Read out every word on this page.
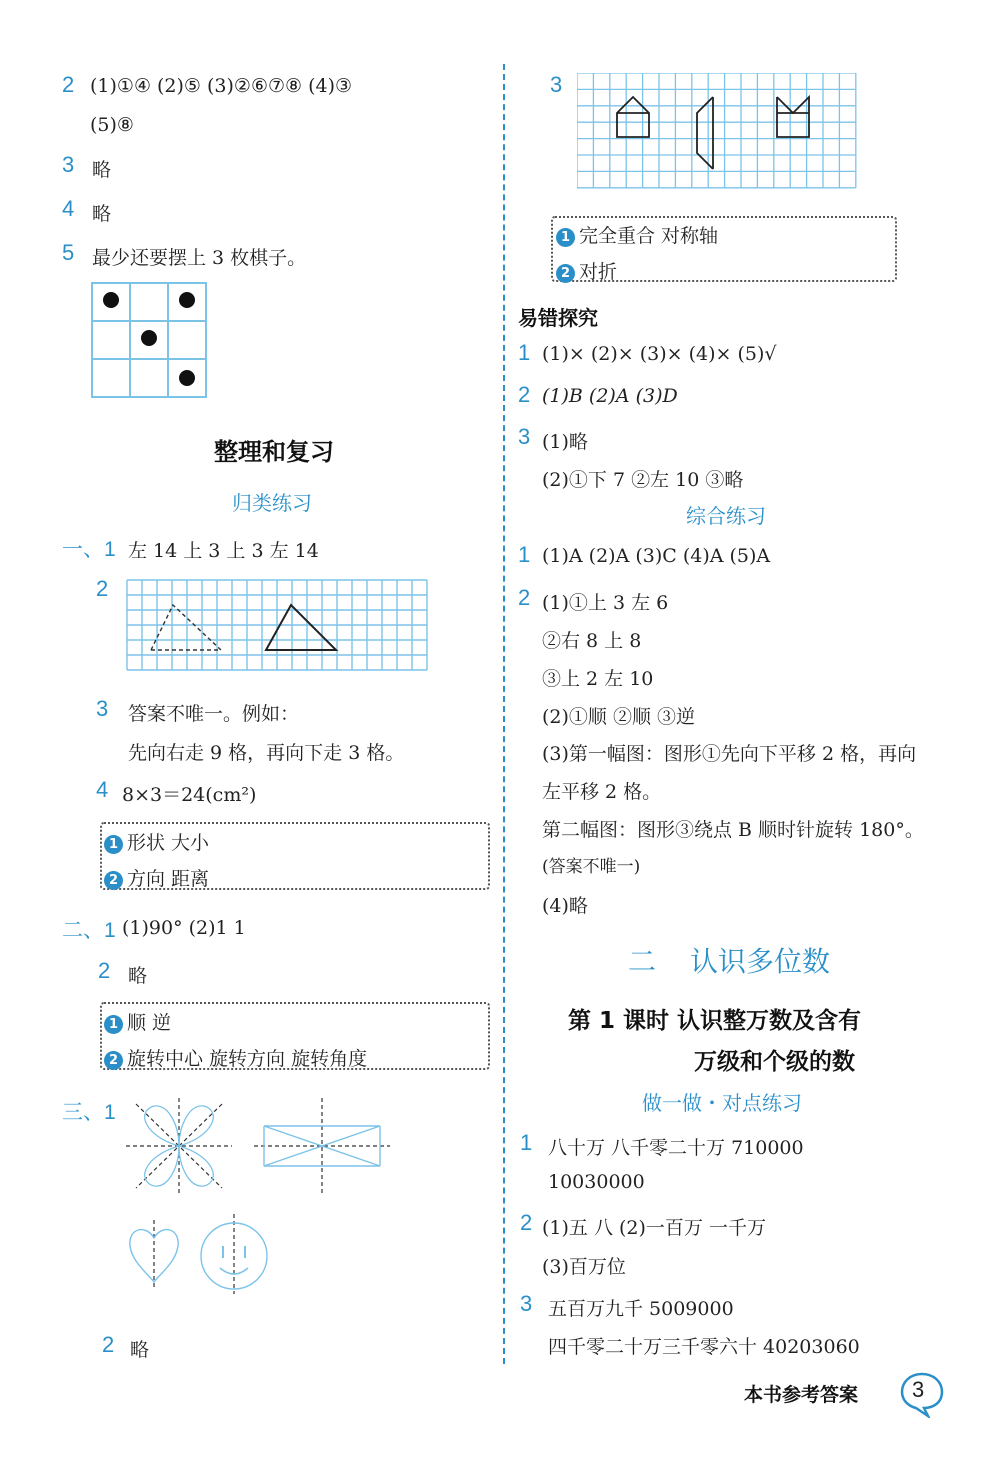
2 (1)①④ (2)⑤ (3)②⑥⑦⑧ (4)③
(5)⑧
3 略
4 略
5 最少还要摆上 3 枚棋子。
整理和复习
归类练习
一、1 左 14 上 3 上 3 左 14
2
3 答案不唯一。例如：
先向右走 9 格，再向下走 3 格。
4 8×3＝24(cm²)
1 形状 大小
2 方向 距离
二、1 (1)90° (2)1 1
2 略
1 顺 逆
2 旋转中心 旋转方向 旋转角度
三、1
2 略
3
1 完全重合 对称轴
2 对折
易错探究
1 (1)× (2)× (3)× (4)× (5)√
2 (1)B (2)A (3)D
3 (1)略
(2)①下 7 ②左 10 ③略
综合练习
1 (1)A (2)A (3)C (4)A (5)A
2 (1)①上 3 左 6
②右 8 上 8
③上 2 左 10
(2)①顺 ②顺 ③逆
(3)第一幅图：图形①先向下平移 2 格，再向
左平移 2 格。
第二幅图：图形③绕点 B 顺时针旋转 180°。
(答案不唯一)
(4)略
二 认识多位数
第 1 课时 认识整万数及含有
万级和个级的数
做一做・对点练习
1 八十万 八千零二十万 710000
10030000
2 (1)五 八 (2)一百万 一千万
(3)百万位
3 五百万九千 5009000
四千零二十万三千零六十 40203060
本书参考答案 3
